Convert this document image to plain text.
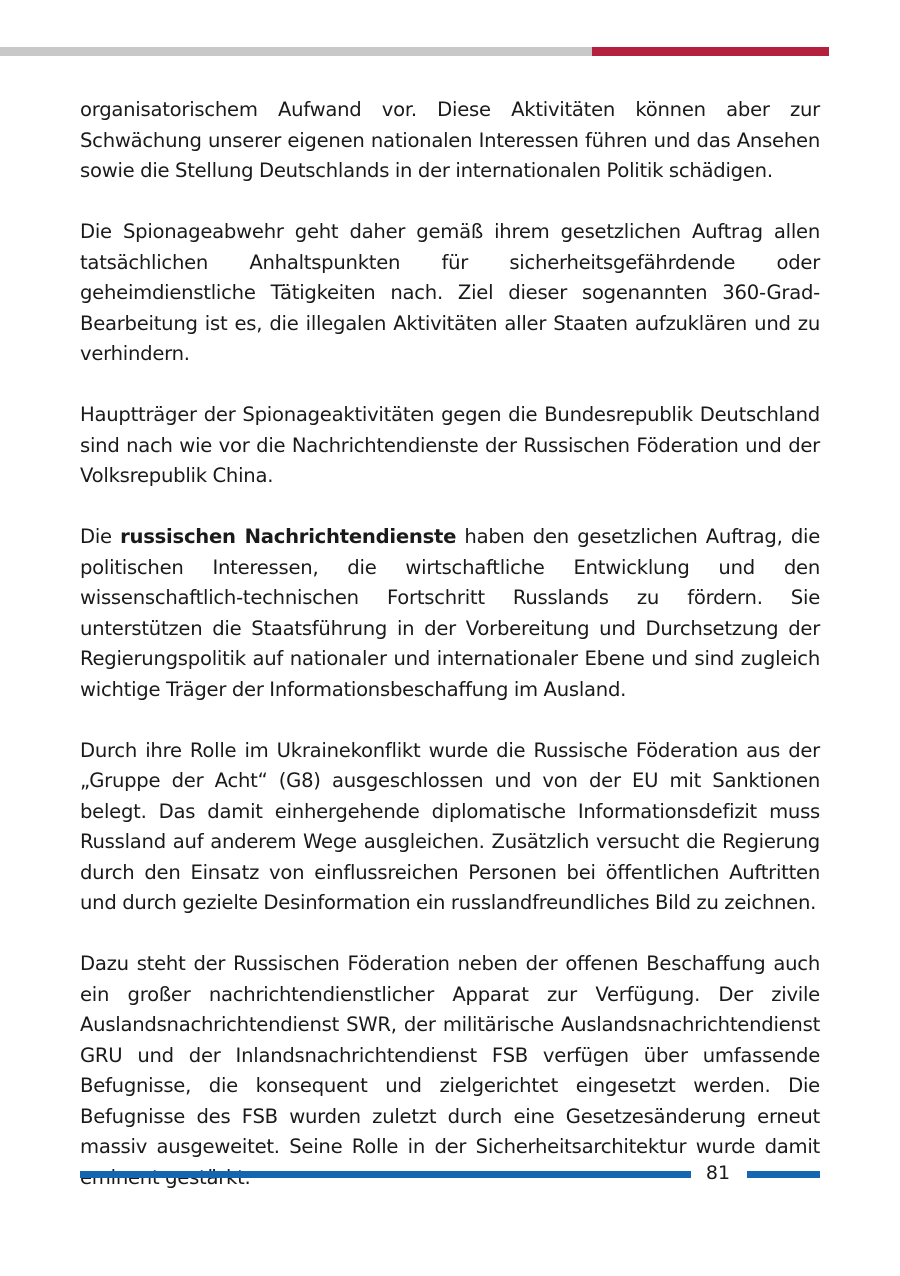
organisatorischem Aufwand vor. Diese Aktivitäten können aber zur Schwächung unserer eigenen nationalen Interessen führen und das Ansehen sowie die Stellung Deutschlands in der internationalen Politik schädigen.

Die Spionageabwehr geht daher gemäß ihrem gesetzlichen Auftrag allen tatsächlichen Anhaltspunkten für sicherheitsgefährdende oder geheimdienstliche Tätigkeiten nach. Ziel dieser sogenannten 360-Grad-Bearbeitung ist es, die illegalen Aktivitäten aller Staaten aufzuklären und zu verhindern.

Hauptträger der Spionageaktivitäten gegen die Bundesrepublik Deutschland sind nach wie vor die Nachrichtendienste der Russischen Föderation und der Volksrepublik China.

Die russischen Nachrichtendienste haben den gesetzlichen Auftrag, die politischen Interessen, die wirtschaftliche Entwicklung und den wissenschaftlich-technischen Fortschritt Russlands zu fördern. Sie unterstützen die Staatsführung in der Vorbereitung und Durchsetzung der Regierungspolitik auf nationaler und internationaler Ebene und sind zugleich wichtige Träger der Informationsbeschaffung im Ausland.

Durch ihre Rolle im Ukrainekonflikt wurde die Russische Föderation aus der „Gruppe der Acht“ (G8) ausgeschlossen und von der EU mit Sanktionen belegt. Das damit einhergehende diplomatische Informationsdefizit muss Russland auf anderem Wege ausgleichen. Zusätzlich versucht die Regierung durch den Einsatz von einflussreichen Personen bei öffentlichen Auftritten und durch gezielte Desinformation ein russlandfreundliches Bild zu zeichnen.

Dazu steht der Russischen Föderation neben der offenen Beschaffung auch ein großer nachrichtendienstlicher Apparat zur Verfügung. Der zivile Auslandsnachrichtendienst SWR, der militärische Auslandsnachrichtendienst GRU und der Inlandsnachrichtendienst FSB verfügen über umfassende Befugnisse, die konsequent und zielgerichtet eingesetzt werden. Die Befugnisse des FSB wurden zuletzt durch eine Gesetzesänderung erneut massiv ausgeweitet. Seine Rolle in der Sicherheitsarchitektur wurde damit

81
